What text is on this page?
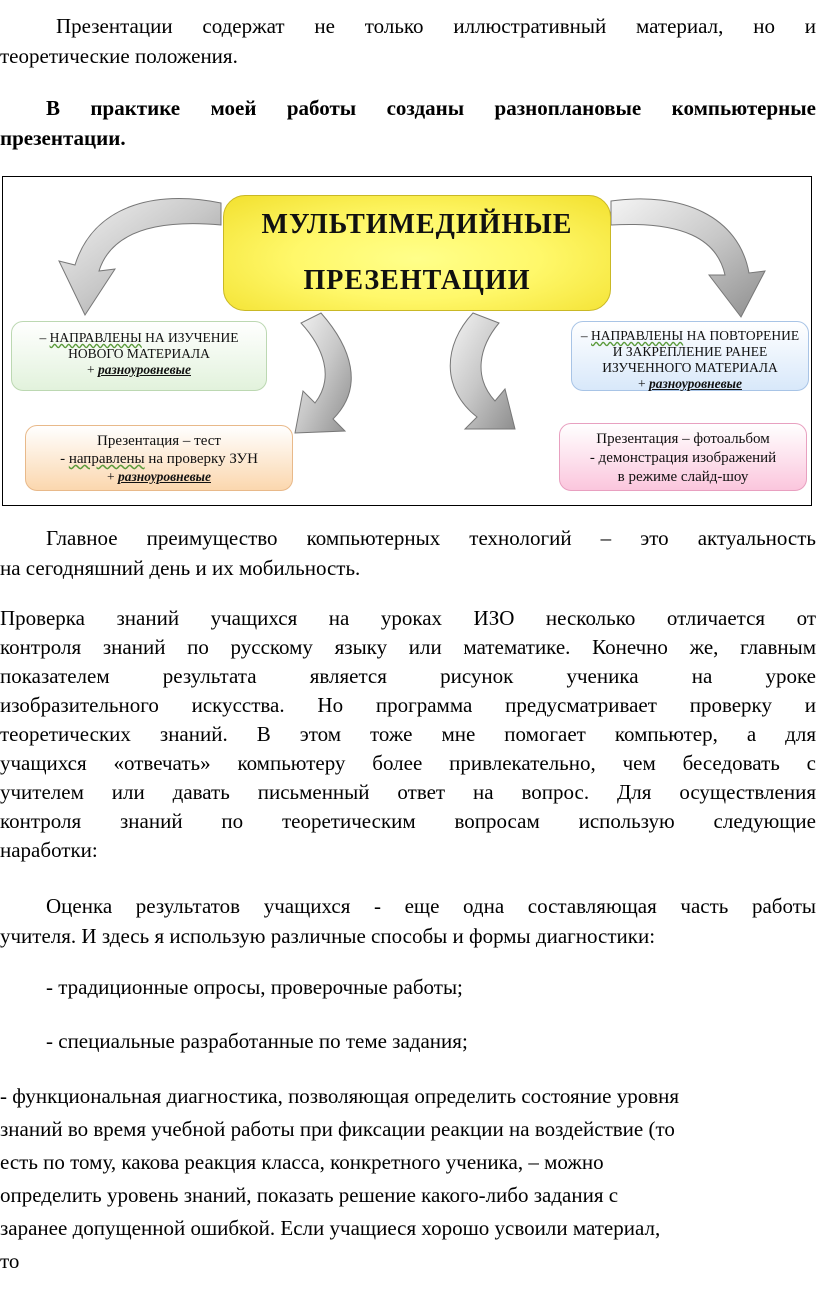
Презентации содержат не только иллюстративный материал, но и
теоретические положения.
В практике моей работы созданы разноплановые компьютерные
презентации.
МУЛЬТИМЕДИЙНЫЕ
ПРЕЗЕНТАЦИИ
– НАПРАВЛЕНЫ НА ИЗУЧЕНИЕ
НОВОГО МАТЕРИАЛА
+ разноуровневые
– НАПРАВЛЕНЫ НА ПОВТОРЕНИЕ
И ЗАКРЕПЛЕНИЕ РАНЕЕ
ИЗУЧЕННОГО МАТЕРИАЛА
+ разноуровневые
Презентация – тест
- направлены на проверку ЗУН
+ разноуровневые
Презентация – фотоальбом
- демонстрация изображений
в режиме слайд-шоу
Главное преимущество компьютерных технологий – это актуальность
на сегодняшний день и их мобильность.
Проверка знаний учащихся на уроках ИЗО несколько отличается от
контроля знаний по русскому языку или математике. Конечно же, главным
показателем результата является рисунок ученика на уроке
изобразительного искусства. Но программа предусматривает проверку и
теоретических знаний. В этом тоже мне помогает компьютер, а для
учащихся «отвечать» компьютеру более привлекательно, чем беседовать с
учителем или давать письменный ответ на вопрос. Для осуществления
контроля знаний по теоретическим вопросам использую следующие
наработки:
Оценка результатов учащихся - еще одна составляющая часть работы
учителя. И здесь я использую различные способы и формы диагностики:
- традиционные опросы, проверочные работы;
- специальные разработанные по теме задания;
- функциональная диагностика, позволяющая определить состояние уровня
знаний во время учебной работы при фиксации реакции на воздействие (то
есть по тому, какова реакция класса, конкретного ученика, – можно
определить уровень знаний, показать решение какого-либо задания с
заранее допущенной ошибкой. Если учащиеся хорошо усвоили материал,
то
